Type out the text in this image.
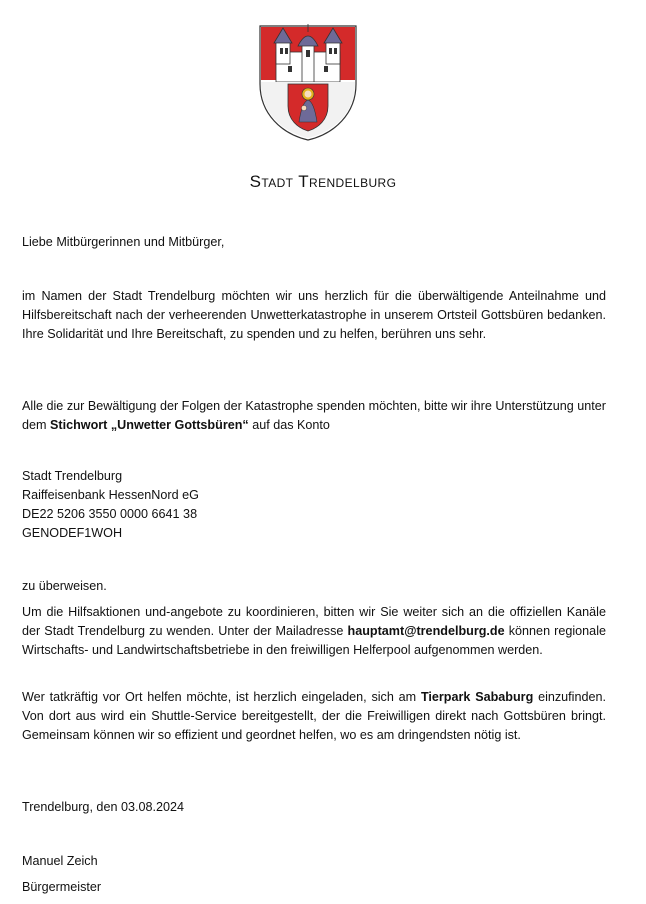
Stadt Trendelburg
Liebe Mitbürgerinnen und Mitbürger,
im Namen der Stadt Trendelburg möchten wir uns herzlich für die überwältigende Anteilnahme und Hilfsbereitschaft nach der verheerenden Unwetterkatastrophe in unserem Ortsteil Gottsbüren bedanken. Ihre Solidarität und Ihre Bereitschaft, zu spenden und zu helfen, berühren uns sehr.
Alle die zur Bewältigung der Folgen der Katastrophe spenden möchten, bitte wir ihre Unterstützung unter dem Stichwort „Unwetter Gottsbüren“ auf das Konto
Stadt Trendelburg
Raiffeisenbank HessenNord eG
DE22 5206 3550 0000 6641 38
GENODEF1WOH
zu überweisen.
Um die Hilfsaktionen und-angebote zu koordinieren, bitten wir Sie weiter sich an die offiziellen Kanäle der Stadt Trendelburg zu wenden. Unter der Mailadresse hauptamt@trendelburg.de können regionale Wirtschafts- und Landwirtschaftsbetriebe in den freiwilligen Helferpool aufgenommen werden.
Wer tatkräftig vor Ort helfen möchte, ist herzlich eingeladen, sich am Tierpark Sababurg einzufinden. Von dort aus wird ein Shuttle-Service bereitgestellt, der die Freiwilligen direkt nach Gottsbüren bringt. Gemeinsam können wir so effizient und geordnet helfen, wo es am dringendsten nötig ist.
Trendelburg, den 03.08.2024
Manuel Zeich
Bürgermeister
